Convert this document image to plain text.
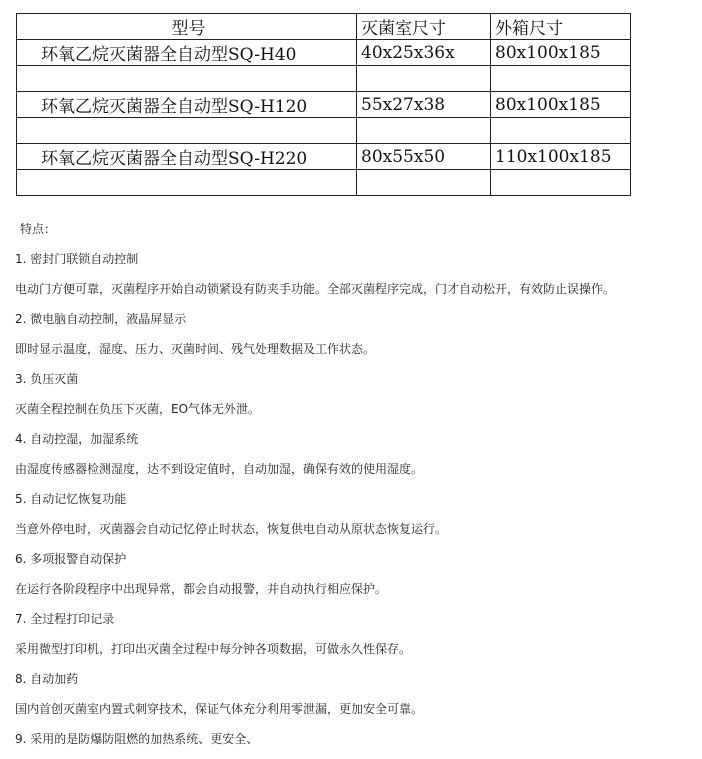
型号	灭菌室尺寸	外箱尺寸
环氧乙烷灭菌器全自动型SQ-H40	40x25x36x	80x100x185

环氧乙烷灭菌器全自动型SQ-H120	55x27x38	80x100x185

环氧乙烷灭菌器全自动型SQ-H220	80x55x50	110x100x185

特点：
1. 密封门联锁自动控制
电动门方便可靠，灭菌程序开始自动锁紧设有防夹手功能。全部灭菌程序完成，门才自动松开，有效防止误操作。
2. 微电脑自动控制，液晶屏显示
即时显示温度，湿度、压力、灭菌时间、残气处理数据及工作状态。
3. 负压灭菌
灭菌全程控制在负压下灭菌，EO气体无外泄。
4. 自动控湿，加湿系统
由湿度传感器检测湿度，达不到设定值时，自动加湿，确保有效的使用湿度。
5. 自动记忆恢复功能
当意外停电时，灭菌器会自动记忆停止时状态，恢复供电自动从原状态恢复运行。
6. 多项报警自动保护
在运行各阶段程序中出现异常，都会自动报警，并自动执行相应保护。
7. 全过程打印记录
采用微型打印机，打印出灭菌全过程中每分钟各项数据，可做永久性保存。
8. 自动加药
国内首创灭菌室内置式刺穿技术，保证气体充分利用零泄漏，更加安全可靠。
9. 采用的是防爆防阻燃的加热系统、更安全、
